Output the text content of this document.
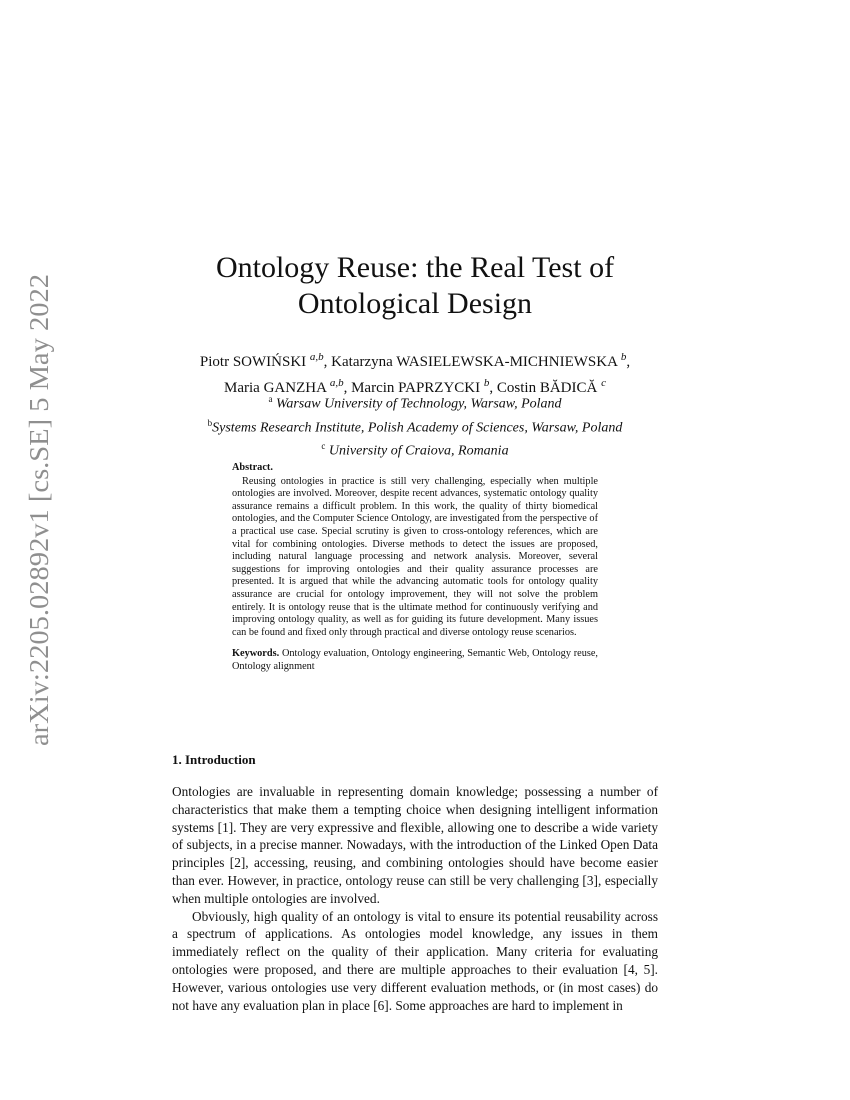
arXiv:2205.02892v1 [cs.SE] 5 May 2022
Ontology Reuse: the Real Test of
Ontological Design
Piotr SOWIŃSKI $^{a,b}$, Katarzyna WASIELEWSKA-MICHNIEWSKA $^b$,
Maria GANZHA $^{a,b}$, Marcin PAPRZYCKI $^b$, Costin BĂDICĂ $^c$
$^a$ Warsaw University of Technology, Warsaw, Poland
$^b$Systems Research Institute, Polish Academy of Sciences, Warsaw, Poland
$^c$ University of Craiova, Romania
Abstract.
Reusing ontologies in practice is still very challenging, especially when multiple ontologies are involved. Moreover, despite recent advances, systematic ontology quality assurance remains a difficult problem. In this work, the quality of thirty biomedical ontologies, and the Computer Science Ontology, are investigated from the perspective of a practical use case. Special scrutiny is given to cross-ontology references, which are vital for combining ontologies. Diverse methods to detect the issues are proposed, including natural language processing and network analysis. Moreover, several suggestions for improving ontologies and their quality assurance processes are presented. It is argued that while the advancing automatic tools for ontology quality assurance are crucial for ontology improvement, they will not solve the problem entirely. It is ontology reuse that is the ultimate method for continuously verifying and improving ontology quality, as well as for guiding its future development. Many issues can be found and fixed only through practical and diverse ontology reuse scenarios.
Keywords. Ontology evaluation, Ontology engineering, Semantic Web, Ontology reuse, Ontology alignment
1. Introduction

Ontologies are invaluable in representing domain knowledge; possessing a number of characteristics that make them a tempting choice when designing intelligent information systems [1]. They are very expressive and flexible, allowing one to describe a wide variety of subjects, in a precise manner. Nowadays, with the introduction of the Linked Open Data principles [2], accessing, reusing, and combining ontologies should have become easier than ever. However, in practice, ontology reuse can still be very challenging [3], especially when multiple ontologies are involved.

Obviously, high quality of an ontology is vital to ensure its potential reusability across a spectrum of applications. As ontologies model knowledge, any issues in them immediately reflect on the quality of their application. Many criteria for evaluating ontologies were proposed, and there are multiple approaches to their evaluation [4, 5]. However, various ontologies use very different evaluation methods, or (in most cases) do not have any evaluation plan in place [6]. Some approaches are hard to implement in
